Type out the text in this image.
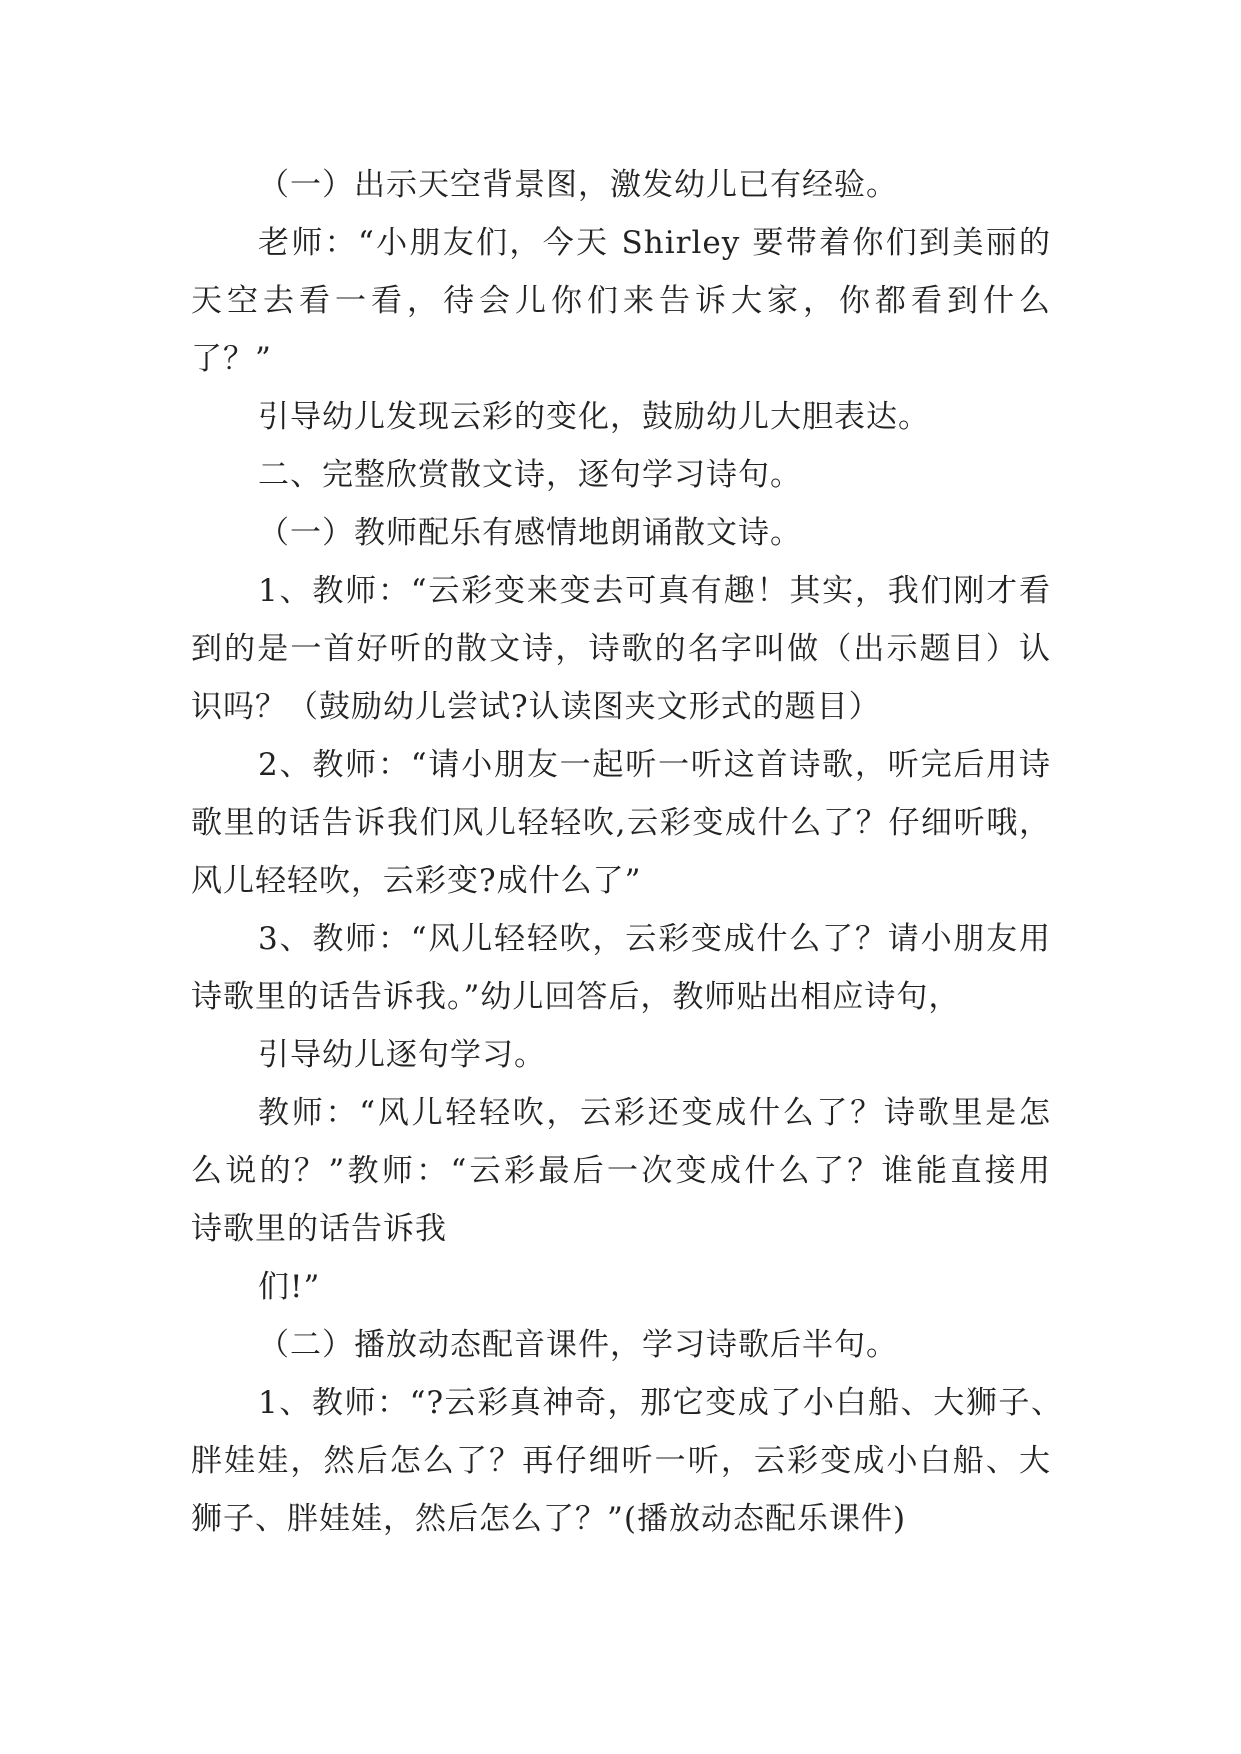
（一）出示天空背景图，激发幼儿已有经验。
老师：“小朋友们，今天 Shirley 要带着你们到美丽的
天空去看一看，待会儿你们来告诉大家，你都看到什么
了？”
引导幼儿发现云彩的变化，鼓励幼儿大胆表达。
二、完整欣赏散文诗，逐句学习诗句。
（一）教师配乐有感情地朗诵散文诗。
1、教师：“云彩变来变去可真有趣！其实，我们刚才看
到的是一首好听的散文诗，诗歌的名字叫做（出示题目）认
识吗？（鼓励幼儿尝试?认读图夹文形式的题目）
2、教师：“请小朋友一起听一听这首诗歌，听完后用诗
歌里的话告诉我们风儿轻轻吹,云彩变成什么了？仔细听哦，
风儿轻轻吹，云彩变?成什么了”
3、教师：“风儿轻轻吹，云彩变成什么了？请小朋友用
诗歌里的话告诉我。”幼儿回答后，教师贴出相应诗句，
引导幼儿逐句学习。
教师：“风儿轻轻吹，云彩还变成什么了？诗歌里是怎
么说的？”教师：“云彩最后一次变成什么了？谁能直接用
诗歌里的话告诉我
们!”
（二）播放动态配音课件，学习诗歌后半句。
1、教师：“?云彩真神奇，那它变成了小白船、大狮子、
胖娃娃，然后怎么了？再仔细听一听，云彩变成小白船、大
狮子、胖娃娃，然后怎么了？”(播放动态配乐课件)
